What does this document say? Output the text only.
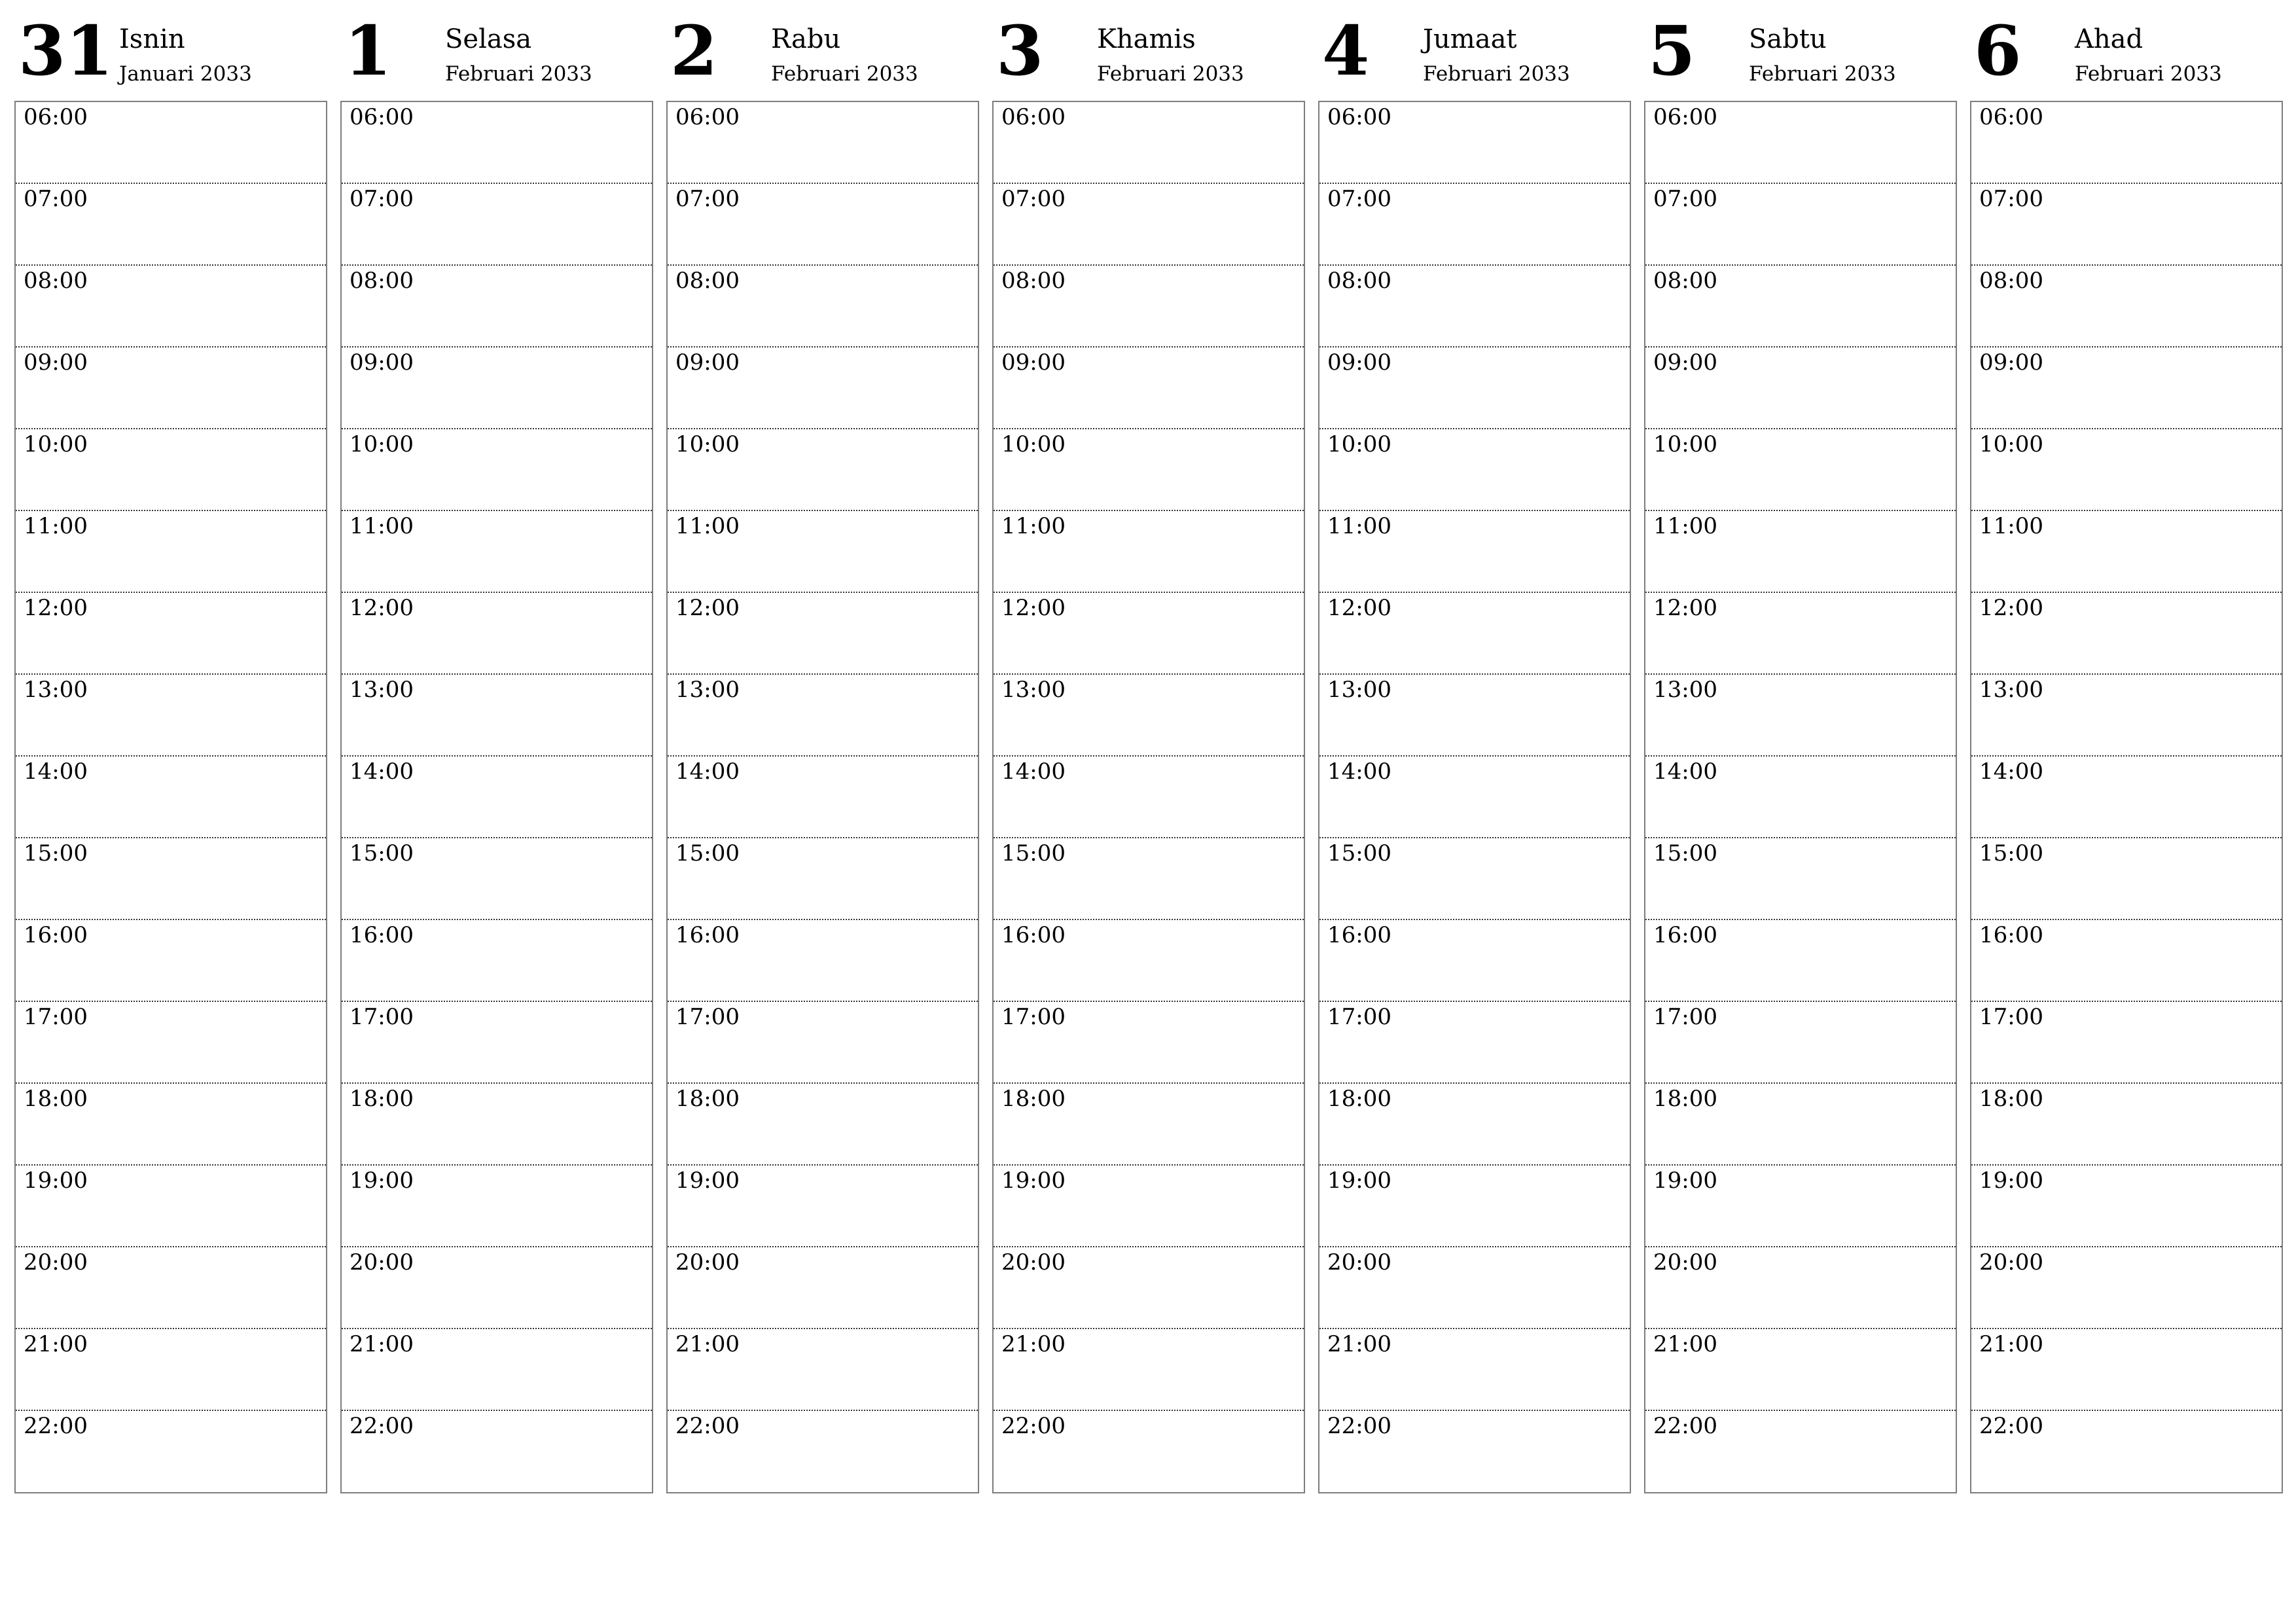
31 Isnin
Januari 2033
06:00
07:00
08:00
09:00
10:00
11:00
12:00
13:00
14:00
15:00
16:00
17:00
18:00
19:00
20:00
21:00
22:00
1 Selasa
Februari 2033
06:00
07:00
08:00
09:00
10:00
11:00
12:00
13:00
14:00
15:00
16:00
17:00
18:00
19:00
20:00
21:00
22:00
2 Rabu
Februari 2033
06:00
07:00
08:00
09:00
10:00
11:00
12:00
13:00
14:00
15:00
16:00
17:00
18:00
19:00
20:00
21:00
22:00
3 Khamis
Februari 2033
06:00
07:00
08:00
09:00
10:00
11:00
12:00
13:00
14:00
15:00
16:00
17:00
18:00
19:00
20:00
21:00
22:00
4 Jumaat
Februari 2033
06:00
07:00
08:00
09:00
10:00
11:00
12:00
13:00
14:00
15:00
16:00
17:00
18:00
19:00
20:00
21:00
22:00
5 Sabtu
Februari 2033
06:00
07:00
08:00
09:00
10:00
11:00
12:00
13:00
14:00
15:00
16:00
17:00
18:00
19:00
20:00
21:00
22:00
6 Ahad
Februari 2033
06:00
07:00
08:00
09:00
10:00
11:00
12:00
13:00
14:00
15:00
16:00
17:00
18:00
19:00
20:00
21:00
22:00
